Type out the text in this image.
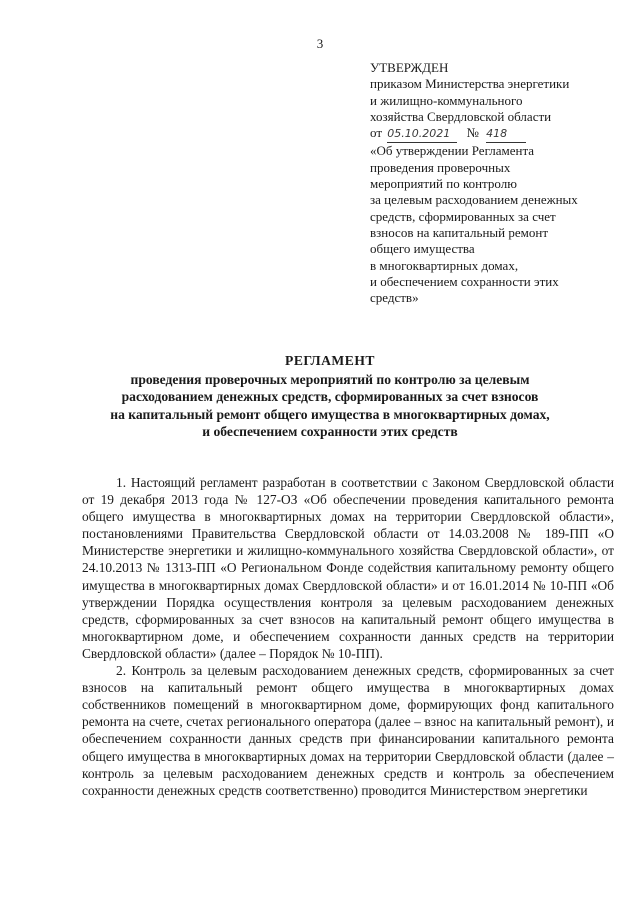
3
УТВЕРЖДЕН
приказом Министерства энергетики
и жилищно-коммунального
хозяйства Свердловской области
от 05.10.2021 № 418
«Об утверждении Регламента
проведения проверочных
мероприятий по контролю
за целевым расходованием денежных
средств, сформированных за счет
взносов на капитальный ремонт
общего имущества
в многоквартирных домах,
и обеспечением сохранности этих
средств»
РЕГЛАМЕНТ
проведения проверочных мероприятий по контролю за целевым
расходованием денежных средств, сформированных за счет взносов
на капитальный ремонт общего имущества в многоквартирных домах,
и обеспечением сохранности этих средств

1. Настоящий регламент разработан в соответствии с Законом Свердловской области от 19 декабря 2013 года № 127-ОЗ «Об обеспечении проведения капитального ремонта общего имущества в многоквартирных домах на территории Свердловской области», постановлениями Правительства Свердловской области от 14.03.2008 № 189-ПП «О Министерстве энергетики и жилищно-коммунального хозяйства Свердловской области», от 24.10.2013 № 1313-ПП «О Региональном Фонде содействия капитальному ремонту общего имущества в многоквартирных домах Свердловской области» и от 16.01.2014 № 10-ПП «Об утверждении Порядка осуществления контроля за целевым расходованием денежных средств, сформированных за счет взносов на капитальный ремонт общего имущества в многоквартирном доме, и обеспечением сохранности данных средств на территории Свердловской области» (далее – Порядок № 10-ПП).

2. Контроль за целевым расходованием денежных средств, сформированных за счет взносов на капитальный ремонт общего имущества в многоквартирных домах собственников помещений в многоквартирном доме, формирующих фонд капитального ремонта на счете, счетах регионального оператора (далее – взнос на капитальный ремонт), и обеспечением сохранности данных средств при финансировании капитального ремонта общего имущества в многоквартирных домах на территории Свердловской области (далее – контроль за целевым расходованием денежных средств и контроль за обеспечением сохранности денежных средств соответственно) проводится Министерством энергетики
